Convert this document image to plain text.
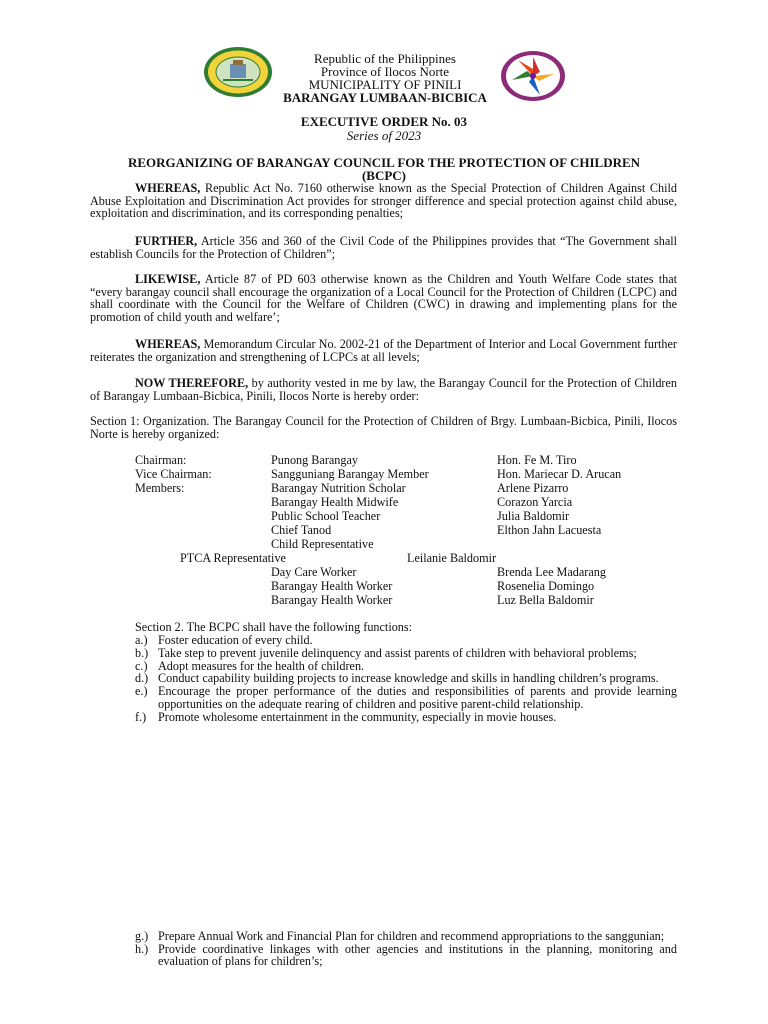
Republic of the Philippines
Province of Ilocos Norte
MUNICIPALITY OF PINILI
BARANGAY LUMBAAN-BICBICA
EXECUTIVE ORDER No. 03
Series of 2023
REORGANIZING OF BARANGAY COUNCIL FOR THE PROTECTION OF CHILDREN
(BCPC)
WHEREAS, Republic Act No. 7160 otherwise known as the Special Protection of Children Against Child Abuse Exploitation and Discrimination Act provides for stronger difference and special protection against child abuse, exploitation and discrimination, and its corresponding penalties;
FURTHER, Article 356 and 360 of the Civil Code of the Philippines provides that “The Government shall establish Councils for the Protection of Children”;
LIKEWISE, Article 87 of PD 603 otherwise known as the Children and Youth Welfare Code states that “every barangay council shall encourage the organization of a Local Council for the Protection of Children (LCPC) and shall coordinate with the Council for the Welfare of Children (CWC) in drawing and implementing plans for the promotion of child youth and welfare’;
WHEREAS, Memorandum Circular No. 2002-21 of the Department of Interior and Local Government further reiterates the organization and strengthening of LCPCs at all levels;
NOW THEREFORE, by authority vested in me by law, the Barangay Council for the Protection of Children of Barangay Lumbaan-Bicbica, Pinili, Ilocos Norte is hereby order:
Section 1: Organization. The Barangay Council for the Protection of Children of Brgy. Lumbaan-Bicbica, Pinili, Ilocos Norte is hereby organized:
Chairman:	Punong Barangay	Hon. Fe M. Tiro
Vice Chairman:	Sangguniang Barangay Member	Hon. Mariecar D. Arucan
Members:	Barangay Nutrition Scholar	Arlene Pizarro
Barangay Health Midwife	Corazon Yarcia
Public School Teacher	Julia Baldomir
Chief Tanod	Elthon Jahn Lacuesta
Child Representative
PTCA Representative	Leilanie Baldomir
Day Care Worker	Brenda Lee Madarang
Barangay Health Worker	Rosenelia Domingo
Barangay Health Worker	Luz Bella Baldomir
Section 2. The BCPC shall have the following functions:
a.) Foster education of every child.
b.) Take step to prevent juvenile delinquency and assist parents of children with behavioral problems;
c.) Adopt measures for the health of children.
d.) Conduct capability building projects to increase knowledge and skills in handling children’s programs.
e.) Encourage the proper performance of the duties and responsibilities of parents and provide learning opportunities on the adequate rearing of children and positive parent-child relationship.
f.) Promote wholesome entertainment in the community, especially in movie houses.
g.) Prepare Annual Work and Financial Plan for children and recommend appropriations to the sanggunian;
h.) Provide coordinative linkages with other agencies and institutions in the planning, monitoring and evaluation of plans for children’s;
